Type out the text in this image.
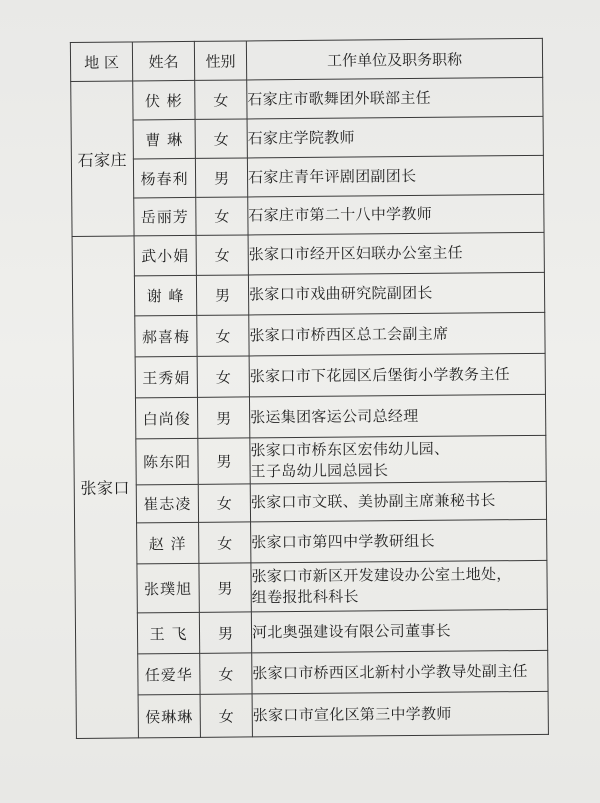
地 区	姓名	性别	工作单位及职务职称
石家庄	伏 彬	女	石家庄市歌舞团外联部主任

	曹 琳	女	石家庄学院教师

	杨春利	男	石家庄青年评剧团副团长

	岳丽芳	女	石家庄市第二十八中学教师

张家口	武小娟	女	张家口市经开区妇联办公室主任

	谢 峰	男	张家口市戏曲研究院副团长

	郝喜梅	女	张家口市桥西区总工会副主席

	王秀娟	女	张家口市下花园区后堡街小学教务主任

	白尚俊	男	张运集团客运公司总经理

	陈东阳	男	张家口市桥东区宏伟幼儿园、
王子岛幼儿园总园长

	崔志凌	女	张家口市文联、美协副主席兼秘书长

	赵 洋	女	张家口市第四中学教研组长

	张璞旭	男	张家口市新区开发建设办公室土地处，
组卷报批科科长

	王 飞	男	河北奥强建设有限公司董事长

	任爱华	女	张家口市桥西区北新村小学教导处副主任

	侯琳琳	女	张家口市宣化区第三中学教师
